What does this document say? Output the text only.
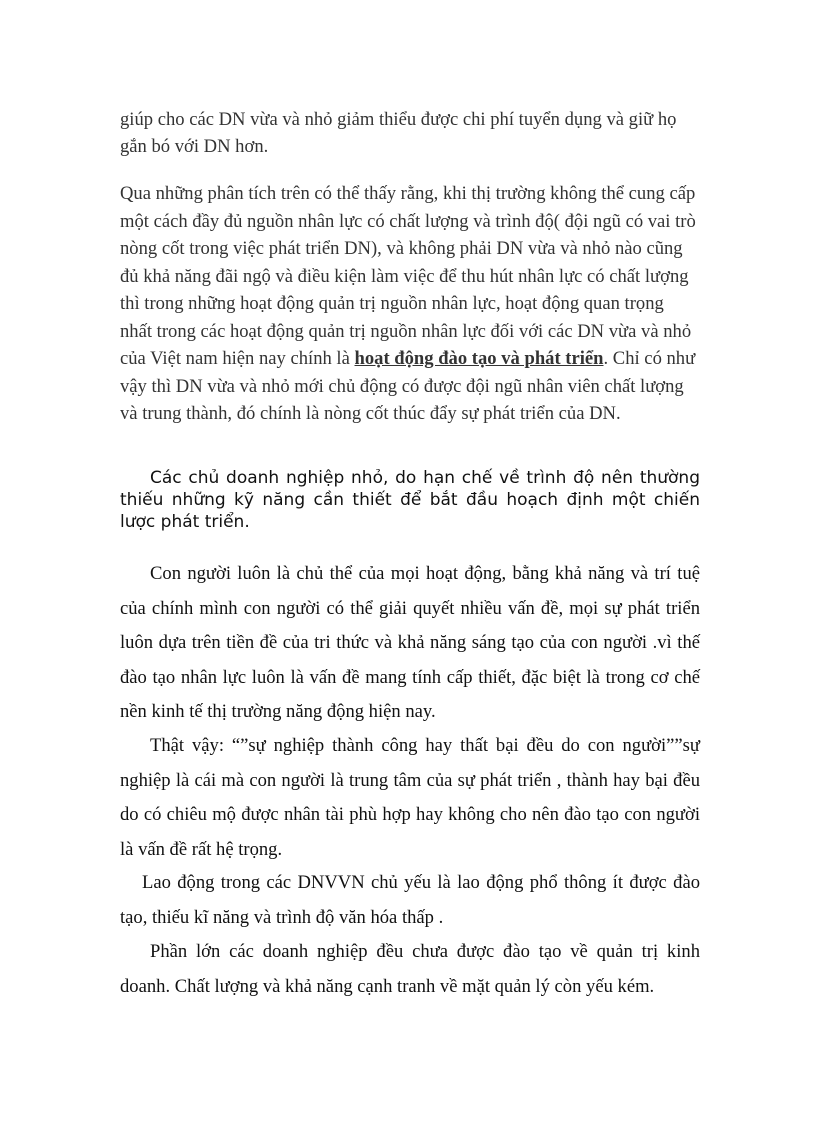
giúp cho các DN vừa và nhỏ giảm thiểu được chi phí tuyển dụng và giữ họ gắn bó với DN hơn.

Qua những phân tích trên có thể thấy rằng, khi thị trường không thể cung cấp một cách đầy đủ nguồn nhân lực có chất lượng và trình độ( đội ngũ có vai trò nòng cốt trong việc phát triển DN), và không phải DN vừa và nhỏ nào cũng đủ khả năng đãi ngộ và điều kiện làm việc để thu hút nhân lực có chất lượng thì trong những hoạt động quản trị nguồn nhân lực, hoạt động quan trọng nhất trong các hoạt động quản trị nguồn nhân lực đối với các DN vừa và nhỏ của Việt nam hiện nay chính là hoạt động đào tạo và phát triển. Chỉ có như vậy thì DN vừa và nhỏ mới chủ động có được đội ngũ nhân viên chất lượng và trung thành, đó chính là nòng cốt thúc đẩy sự phát triển của DN.

Các chủ doanh nghiệp nhỏ, do hạn chế về trình độ nên thường thiếu những kỹ năng cần thiết để bắt đầu hoạch định một chiến lược phát triển.

Con người luôn là chủ thể của mọi hoạt động, bằng khả năng và trí tuệ của chính mình con người có thể giải quyết nhiều vấn đề, mọi sự phát triển luôn dựa trên tiền đề của tri thức và khả năng sáng tạo của con người .vì thế đào tạo nhân lực luôn là vấn đề mang tính cấp thiết, đặc biệt là trong cơ chế nền kinh tế thị trường năng động hiện nay.

Thật vậy: “”sự nghiệp thành công hay thất bại đều do con người””sự nghiệp là cái mà con người là trung tâm của sự phát triển , thành hay bại đều do có chiêu mộ được nhân tài phù hợp hay không cho nên đào tạo con người là vấn đề rất hệ trọng.

Lao động trong các DNVVN chủ yếu là lao động phổ thông ít được đào tạo, thiếu kĩ năng và trình độ văn hóa thấp .

Phần lớn các doanh nghiệp đều chưa được đào tạo về quản trị kinh doanh. Chất lượng và khả năng cạnh tranh về mặt quản lý còn yếu kém.
